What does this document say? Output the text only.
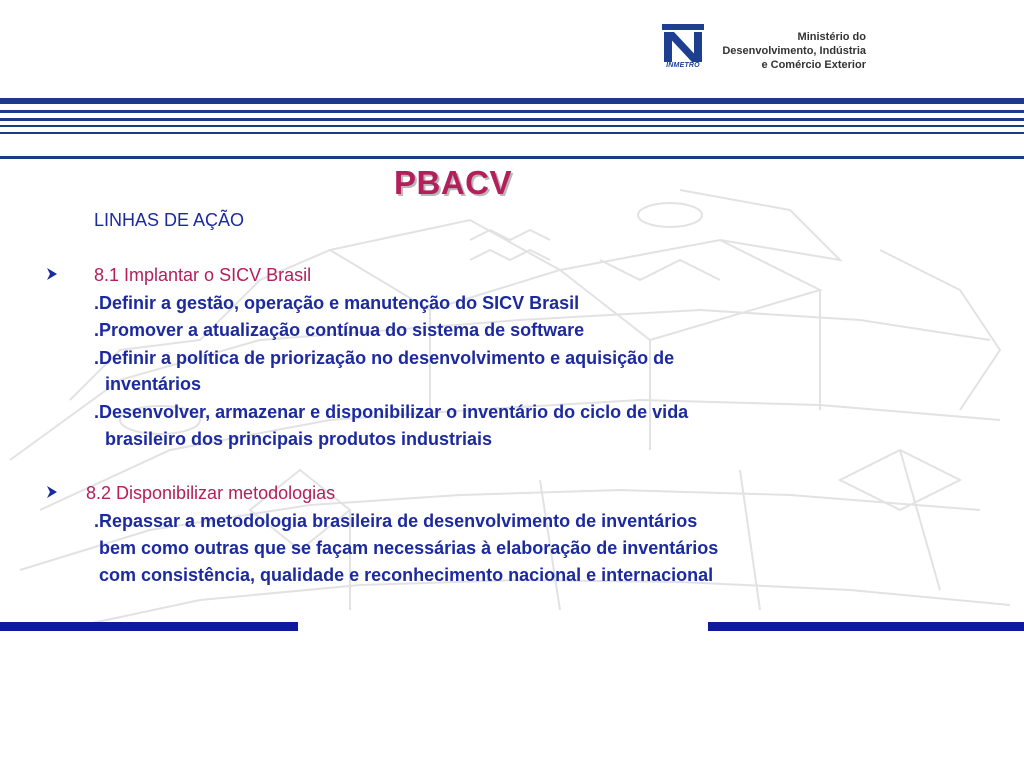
INMETRO
Ministério do
Desenvolvimento, Indústria
e Comércio Exterior
PBACV
LINHAS DE AÇÃO
8.1 Implantar o SICV Brasil
.Definir a gestão, operação e manutenção do SICV Brasil
.Promover a atualização contínua do sistema de software
.Definir a política de priorização no desenvolvimento e aquisição de
inventários
.Desenvolver, armazenar e disponibilizar o inventário do ciclo de vida
brasileiro dos principais produtos industriais
8.2 Disponibilizar metodologias
.Repassar a metodologia brasileira de desenvolvimento de inventários
bem como outras que se façam necessárias à elaboração de inventários
com consistência, qualidade e reconhecimento nacional e internacional
